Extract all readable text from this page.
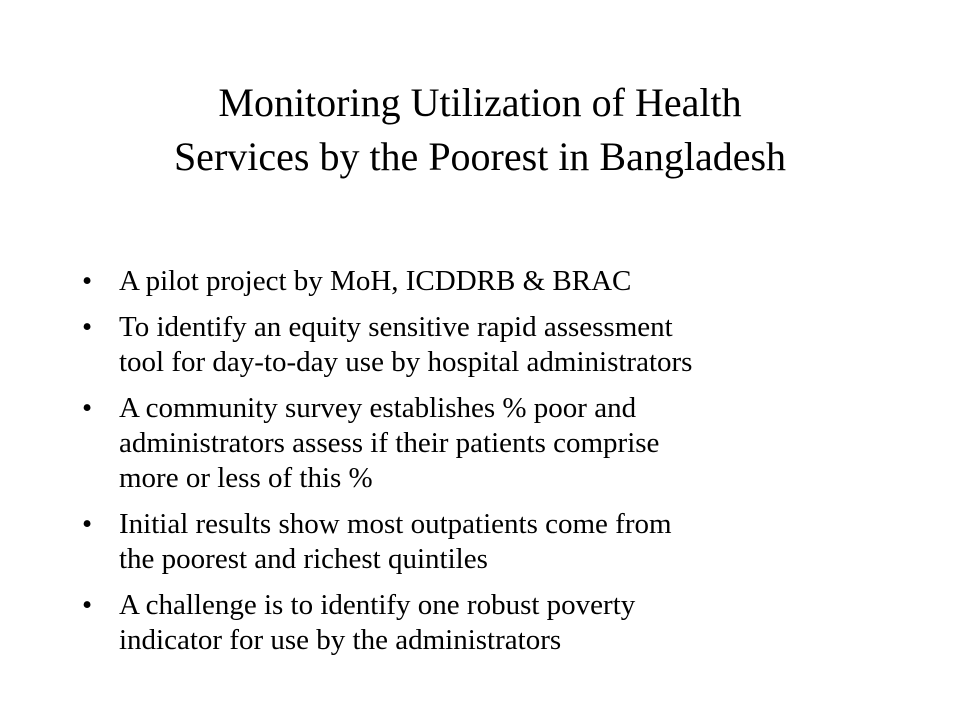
Monitoring Utilization of Health
Services by the Poorest in Bangladesh
• A pilot project by MoH, ICDDRB & BRAC
• To identify an equity sensitive rapid assessment
tool for day-to-day use by hospital administrators
• A community survey establishes % poor and
administrators assess if their patients comprise
more or less of this %
• Initial results show most outpatients come from
the poorest and richest quintiles
• A challenge is to identify one robust poverty
indicator for use by the administrators
